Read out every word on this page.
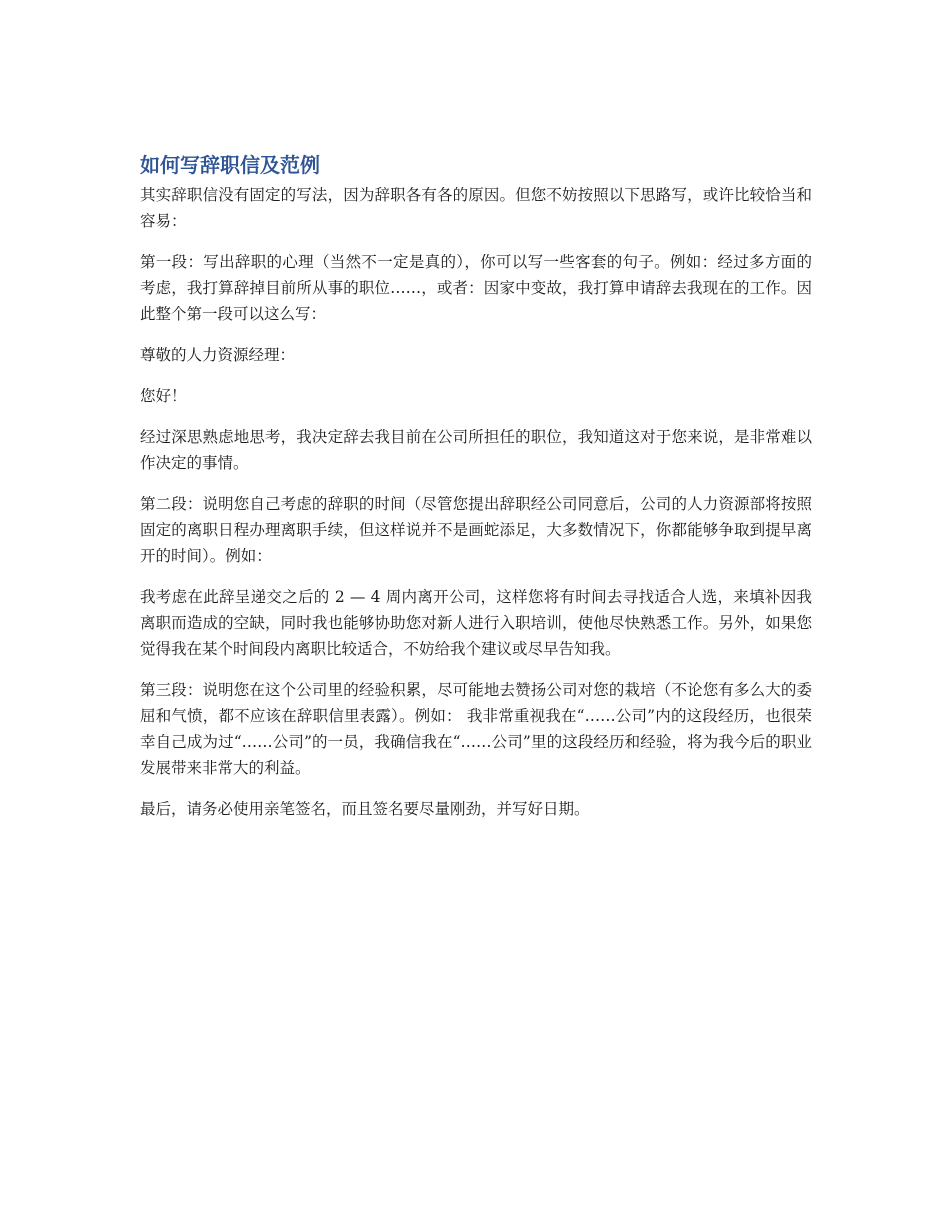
如何写辞职信及范例

其实辞职信没有固定的写法，因为辞职各有各的原因。但您不妨按照以下思路写，或许比较恰当和容易：

第一段：写出辞职的心理（当然不一定是真的），你可以写一些客套的句子。例如：经过多方面的考虑，我打算辞掉目前所从事的职位……，或者：因家中变故，我打算申请辞去我现在的工作。因此整个第一段可以这么写：

尊敬的人力资源经理：

您好！

经过深思熟虑地思考，我决定辞去我目前在公司所担任的职位，我知道这对于您来说，是非常难以作决定的事情。

第二段：说明您自己考虑的辞职的时间（尽管您提出辞职经公司同意后，公司的人力资源部将按照固定的离职日程办理离职手续，但这样说并不是画蛇添足，大多数情况下，你都能够争取到提早离开的时间）。例如：

我考虑在此辞呈递交之后的 2 — 4 周内离开公司，这样您将有时间去寻找适合人选，来填补因我离职而造成的空缺，同时我也能够协助您对新人进行入职培训，使他尽快熟悉工作。另外，如果您觉得我在某个时间段内离职比较适合，不妨给我个建议或尽早告知我。

第三段：说明您在这个公司里的经验积累，尽可能地去赞扬公司对您的栽培（不论您有多么大的委屈和气愤，都不应该在辞职信里表露）。例如： 我非常重视我在“……公司”内的这段经历，也很荣幸自己成为过“……公司”的一员，我确信我在“……公司”里的这段经历和经验，将为我今后的职业发展带来非常大的利益。

最后，请务必使用亲笔签名，而且签名要尽量刚劲，并写好日期。
